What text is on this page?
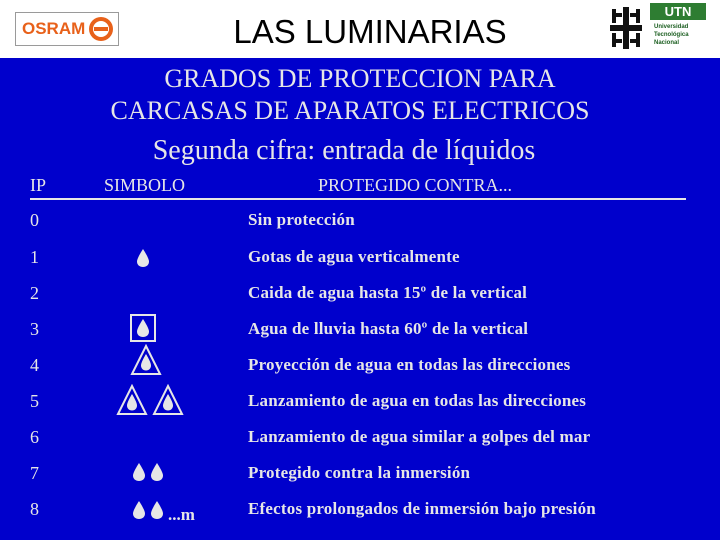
OSRAM	LAS LUMINARIAS
UTN
Universidad
Tecnológica
Nacional
GRADOS DE PROTECCION PARA
CARCASAS DE APARATOS ELECTRICOS
Segunda cifra: entrada de líquidos
IP	SIMBOLO	PROTEGIDO CONTRA...
0	Sin protección
1	Gotas de agua verticalmente
2	Caida de agua hasta 15º de la vertical
3	Agua de lluvia hasta 60º de la vertical
4	Proyección de agua en todas las direcciones
5	Lanzamiento de agua en todas las direcciones
6	Lanzamiento de agua similar a golpes del mar
7	Protegido contra la inmersión
8	Efectos prolongados de inmersión bajo presión
...m
